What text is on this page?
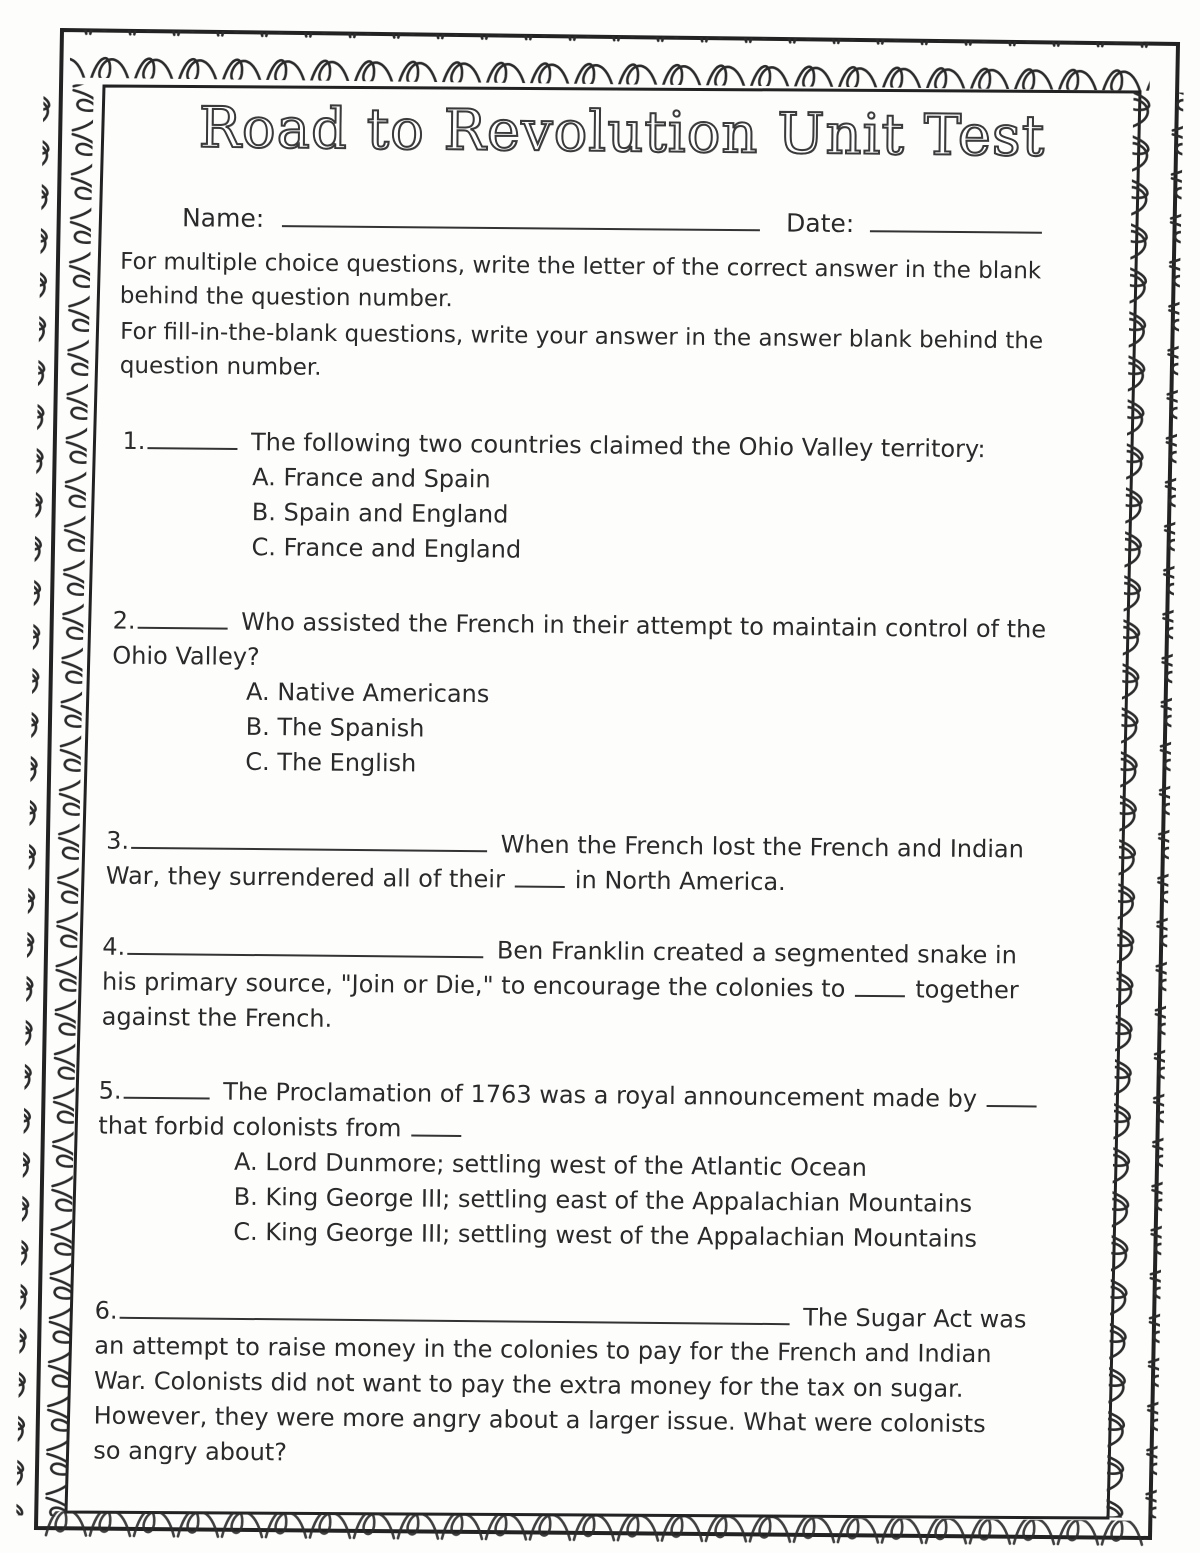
Road to Revolution Unit Test
Name:	Date:
For multiple choice questions, write the letter of the correct answer in the blank behind the question number.
For fill-in-the-blank questions, write your answer in the answer blank behind the question number.
1.	The following two countries claimed the Ohio Valley territory:
A. France and Spain
B. Spain and England
C. France and England
2.	Who assisted the French in their attempt to maintain control of the
Ohio Valley?
A. Native Americans
B. The Spanish
C. The English
3.	When the French lost the French and Indian
War, they surrendered all of their	in North America.
4.	Ben Franklin created a segmented snake in
his primary source, "Join or Die," to encourage the colonies to	together
against the French.
5.	The Proclamation of 1763 was a royal announcement made by
that forbid colonists from
A. Lord Dunmore; settling west of the Atlantic Ocean
B. King George III; settling east of the Appalachian Mountains
C. King George III; settling west of the Appalachian Mountains
6.	The Sugar Act was
an attempt to raise money in the colonies to pay for the French and Indian
War. Colonists did not want to pay the extra money for the tax on sugar.
However, they were more angry about a larger issue. What were colonists
so angry about?
